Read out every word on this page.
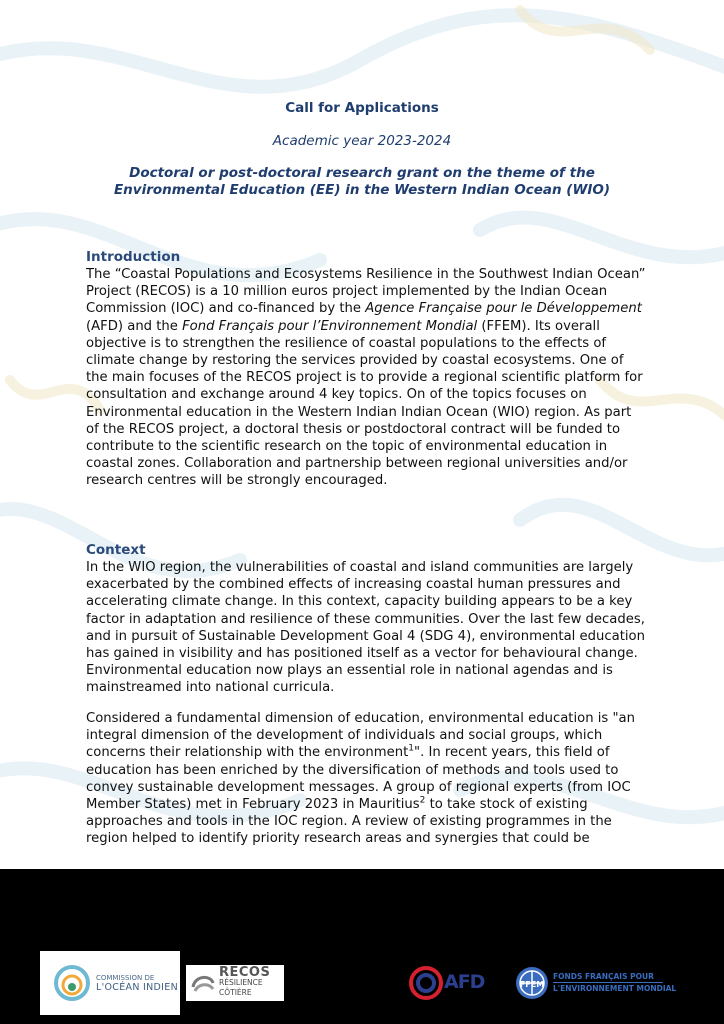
Call for Applications
Academic year 2023-2024
Doctoral or post-doctoral research grant on the theme of the
Environmental Education (EE) in the Western Indian Ocean (WIO)
Introduction
The “Coastal Populations and Ecosystems Resilience in the Southwest Indian Ocean” Project (RECOS) is a 10 million euros project implemented by the Indian Ocean Commission (IOC) and co-financed by the Agence Française pour le Développement (AFD) and the Fond Français pour l’Environnement Mondial (FFEM). Its overall objective is to strengthen the resilience of coastal populations to the effects of climate change by restoring the services provided by coastal ecosystems. One of the main focuses of the RECOS project is to provide a regional scientific platform for consultation and exchange around 4 key topics. On of the topics focuses on Environmental education in the Western Indian Indian Ocean (WIO) region. As part of the RECOS project, a doctoral thesis or postdoctoral contract will be funded to contribute to the scientific research on the topic of environmental education in coastal zones. Collaboration and partnership between regional universities and/or research centres will be strongly encouraged.
Context
In the WIO region, the vulnerabilities of coastal and island communities are largely exacerbated by the combined effects of increasing coastal human pressures and accelerating climate change. In this context, capacity building appears to be a key factor in adaptation and resilience of these communities. Over the last few decades, and in pursuit of Sustainable Development Goal 4 (SDG 4), environmental education has gained in visibility and has positioned itself as a vector for behavioural change. Environmental education now plays an essential role in national agendas and is mainstreamed into national curricula.
Considered a fundamental dimension of education, environmental education is "an integral dimension of the development of individuals and social groups, which concerns their relationship with the environment$^1$". In recent years, this field of education has been enriched by the diversification of methods and tools used to convey sustainable development messages. A group of regional experts (from IOC Member States) met in February 2023 in Mauritius$^2$ to take stock of existing approaches and tools in the IOC region. A review of existing programmes in the region helped to identify priority research areas and synergies that could be
COMMISSION DE
L'OCÉAN INDIEN
RECOS
RÉSILIENCE
CÔTIÈRE	AFD	FFEM
FONDS FRANÇAIS POUR
L'ENVIRONNEMENT MONDIAL
